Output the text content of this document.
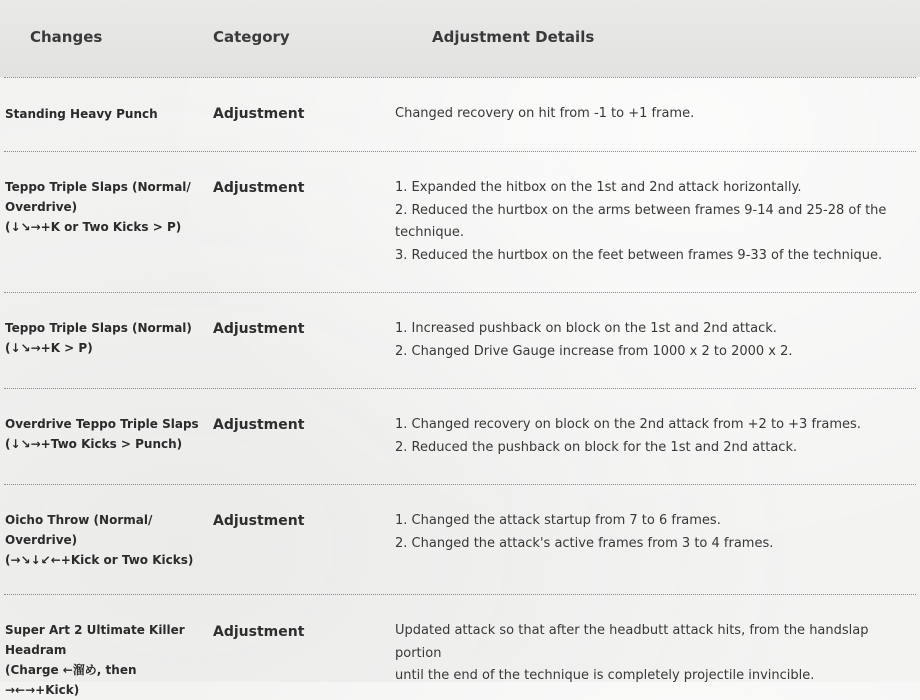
Changes	Category	Adjustment Details
Standing Heavy Punch	Adjustment	Changed recovery on hit from -1 to +1 frame.
Teppo Triple Slaps (Normal/
Overdrive)
(↓↘→+K or Two Kicks > P)
Adjustment	1. Expanded the hitbox on the 1st and 2nd attack horizontally.
2. Reduced the hurtbox on the arms between frames 9-14 and 25-28 of the
technique.
3. Reduced the hurtbox on the feet between frames 9-33 of the technique.
Teppo Triple Slaps (Normal)
(↓↘→+K > P)
Adjustment	1. Increased pushback on block on the 1st and 2nd attack.
2. Changed Drive Gauge increase from 1000 x 2 to 2000 x 2.
Overdrive Teppo Triple Slaps
(↓↘→+Two Kicks > Punch)
Adjustment	1. Changed recovery on block on the 2nd attack from +2 to +3 frames.
2. Reduced the pushback on block for the 1st and 2nd attack.
Oicho Throw (Normal/
Overdrive)
(→↘↓↙←+Kick or Two Kicks)
Adjustment	1. Changed the attack startup from 7 to 6 frames.
2. Changed the attack's active frames from 3 to 4 frames.
Super Art 2 Ultimate Killer
Headram
(Charge ←溜め, then →←→+Kick)
Adjustment	Updated attack so that after the headbutt attack hits, from the handslap portion
until the end of the technique is completely projectile invincible.
